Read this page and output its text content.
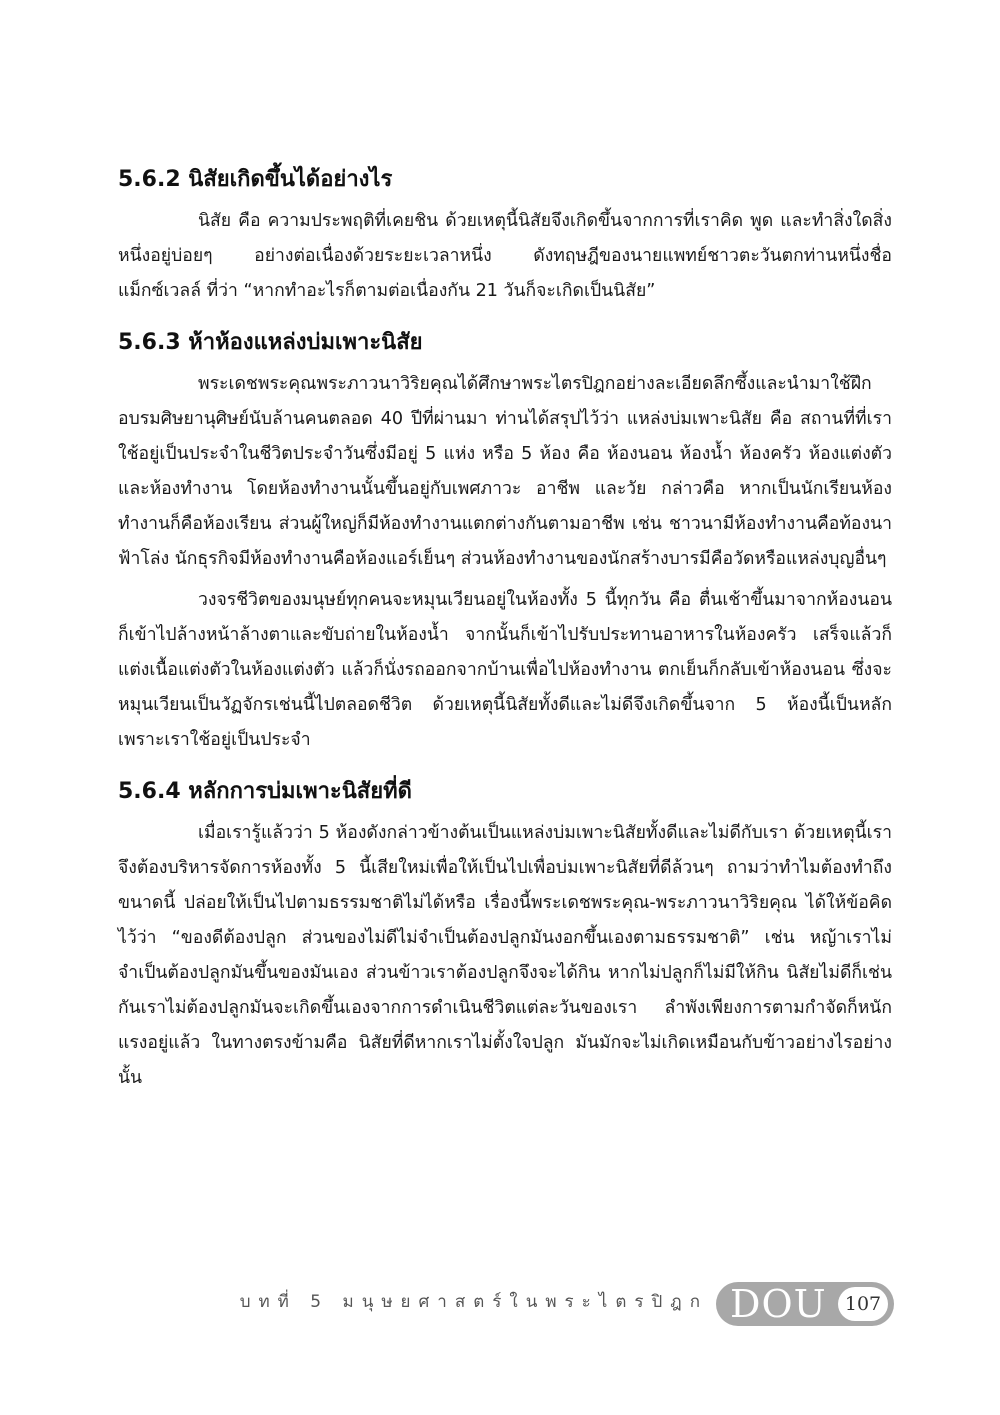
5.6.2 นิสัยเกิดขึ้นได้อย่างไร

นิสัย คือ ความประพฤติที่เคยชิน ด้วยเหตุนี้นิสัยจึงเกิดขึ้นจากการที่เราคิด พูด และทำสิ่งใดสิ่งหนึ่งอยู่บ่อยๆ อย่างต่อเนื่องด้วยระยะเวลาหนึ่ง ดังทฤษฎีของนายแพทย์ชาวตะวันตกท่านหนึ่งชื่อ แม็กซ์เวลล์ ที่ว่า “หากทำอะไรก็ตามต่อเนื่องกัน 21 วันก็จะเกิดเป็นนิสัย”

5.6.3 ห้าห้องแหล่งบ่มเพาะนิสัย

พระเดชพระคุณพระภาวนาวิริยคุณได้ศึกษาพระไตรปิฎกอย่างละเอียดลึกซึ้งและนำมาใช้ฝึกอบรมศิษยานุศิษย์นับล้านคนตลอด 40 ปีที่ผ่านมา ท่านได้สรุปไว้ว่า แหล่งบ่มเพาะนิสัย คือ สถานที่ที่เราใช้อยู่เป็นประจำในชีวิตประจำวันซึ่งมีอยู่ 5 แห่ง หรือ 5 ห้อง คือ ห้องนอน ห้องน้ำ ห้องครัว ห้องแต่งตัว และห้องทำงาน โดยห้องทำงานนั้นขึ้นอยู่กับเพศภาวะ อาชีพ และวัย กล่าวคือ หากเป็นนักเรียนห้องทำงานก็คือห้องเรียน ส่วนผู้ใหญ่ก็มีห้องทำงานแตกต่างกันตามอาชีพ เช่น ชาวนามีห้องทำงานคือท้องนาฟ้าโล่ง นักธุรกิจมีห้องทำงานคือห้องแอร์เย็นๆ ส่วนห้องทำงานของนักสร้างบารมีคือวัดหรือแหล่งบุญอื่นๆ

วงจรชีวิตของมนุษย์ทุกคนจะหมุนเวียนอยู่ในห้องทั้ง 5 นี้ทุกวัน คือ ตื่นเช้าขึ้นมาจากห้องนอน ก็เข้าไปล้างหน้าล้างตาและขับถ่ายในห้องน้ำ จากนั้นก็เข้าไปรับประทานอาหารในห้องครัว เสร็จแล้วก็แต่งเนื้อแต่งตัวในห้องแต่งตัว แล้วก็นั่งรถออกจากบ้านเพื่อไปห้องทำงาน ตกเย็นก็กลับเข้าห้องนอน ซึ่งจะหมุนเวียนเป็นวัฏจักรเช่นนี้ไปตลอดชีวิต ด้วยเหตุนี้นิสัยทั้งดีและไม่ดีจึงเกิดขึ้นจาก 5 ห้องนี้เป็นหลักเพราะเราใช้อยู่เป็นประจำ

5.6.4 หลักการบ่มเพาะนิสัยที่ดี

เมื่อเรารู้แล้วว่า 5 ห้องดังกล่าวข้างต้นเป็นแหล่งบ่มเพาะนิสัยทั้งดีและไม่ดีกับเรา ด้วยเหตุนี้เราจึงต้องบริหารจัดการห้องทั้ง 5 นี้เสียใหม่เพื่อให้เป็นไปเพื่อบ่มเพาะนิสัยที่ดีล้วนๆ ถามว่าทำไมต้องทำถึงขนาดนี้ ปล่อยให้เป็นไปตามธรรมชาติไม่ได้หรือ เรื่องนี้พระเดชพระคุณ-พระภาวนาวิริยคุณ ได้ให้ข้อคิดไว้ว่า “ของดีต้องปลูก ส่วนของไม่ดีไม่จำเป็นต้องปลูกมันงอกขึ้นเองตามธรรมชาติ” เช่น หญ้าเราไม่จำเป็นต้องปลูกมันขึ้นของมันเอง ส่วนข้าวเราต้องปลูกจึงจะได้กิน หากไม่ปลูกก็ไม่มีให้กิน นิสัยไม่ดีก็เช่นกันเราไม่ต้องปลูกมันจะเกิดขึ้นเองจากการดำเนินชีวิตแต่ละวันของเรา ลำพังเพียงการตามกำจัดก็หนักแรงอยู่แล้ว ในทางตรงข้ามคือ นิสัยที่ดีหากเราไม่ตั้งใจปลูก มันมักจะไม่เกิดเหมือนกับข้าวอย่างไรอย่างนั้น

บทที่ 5 มนุษยศาสตร์ในพระไตรปิฎก DOU 107
